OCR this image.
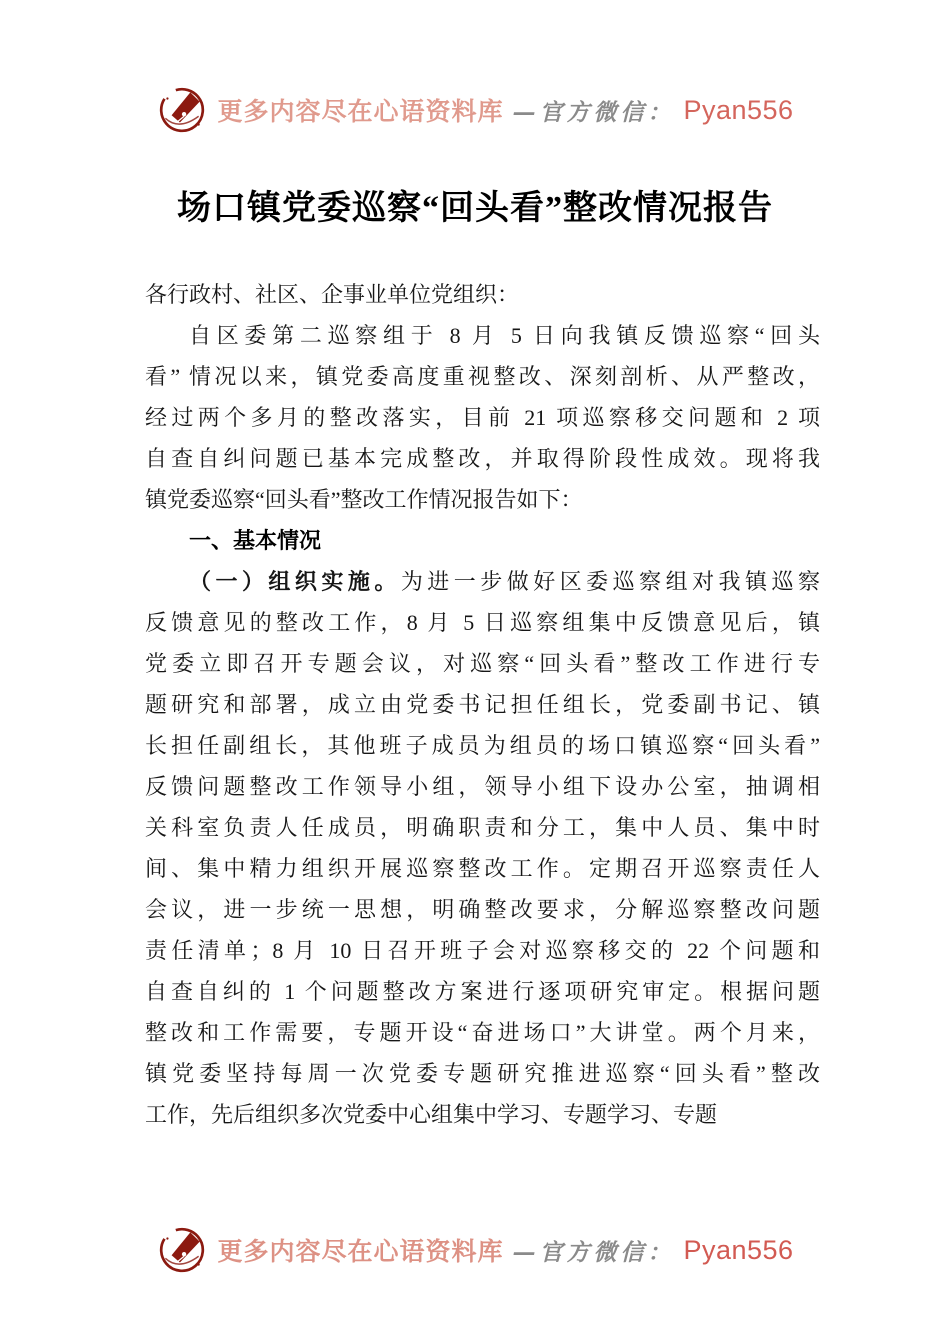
更多内容尽在心语资料库 —官方微信： Pyan556
场口镇党委巡察“回头看”整改情况报告
各行政村、社区、企事业单位党组织：
自区委第二巡察组于 8 月 5 日向我镇反馈巡察“回头
看” 情况以来，镇党委高度重视整改、深刻剖析、从严整改，
经过两个多月的整改落实，目前 21 项巡察移交问题和 2 项
自查自纠问题已基本完成整改，并取得阶段性成效。现将我
镇党委巡察“回头看”整改工作情况报告如下：
一、基本情况
（一）组织实施。为进一步做好区委巡察组对我镇巡察
反馈意见的整改工作，8 月 5 日巡察组集中反馈意见后，镇
党委立即召开专题会议，对巡察“回头看”整改工作进行专
题研究和部署，成立由党委书记担任组长，党委副书记、镇
长担任副组长，其他班子成员为组员的场口镇巡察“回头看”
反馈问题整改工作领导小组，领导小组下设办公室，抽调相
关科室负责人任成员，明确职责和分工，集中人员、集中时
间、集中精力组织开展巡察整改工作。定期召开巡察责任人
会议，进一步统一思想，明确整改要求，分解巡察整改问题
责任清单；8 月 10 日召开班子会对巡察移交的 22 个问题和
自查自纠的 1 个问题整改方案进行逐项研究审定。根据问题
整改和工作需要，专题开设“奋进场口”大讲堂。两个月来，
镇党委坚持每周一次党委专题研究推进巡察“回头看”整改
工作，先后组织多次党委中心组集中学习、专题学习、专题
更多内容尽在心语资料库 —官方微信： Pyan556
